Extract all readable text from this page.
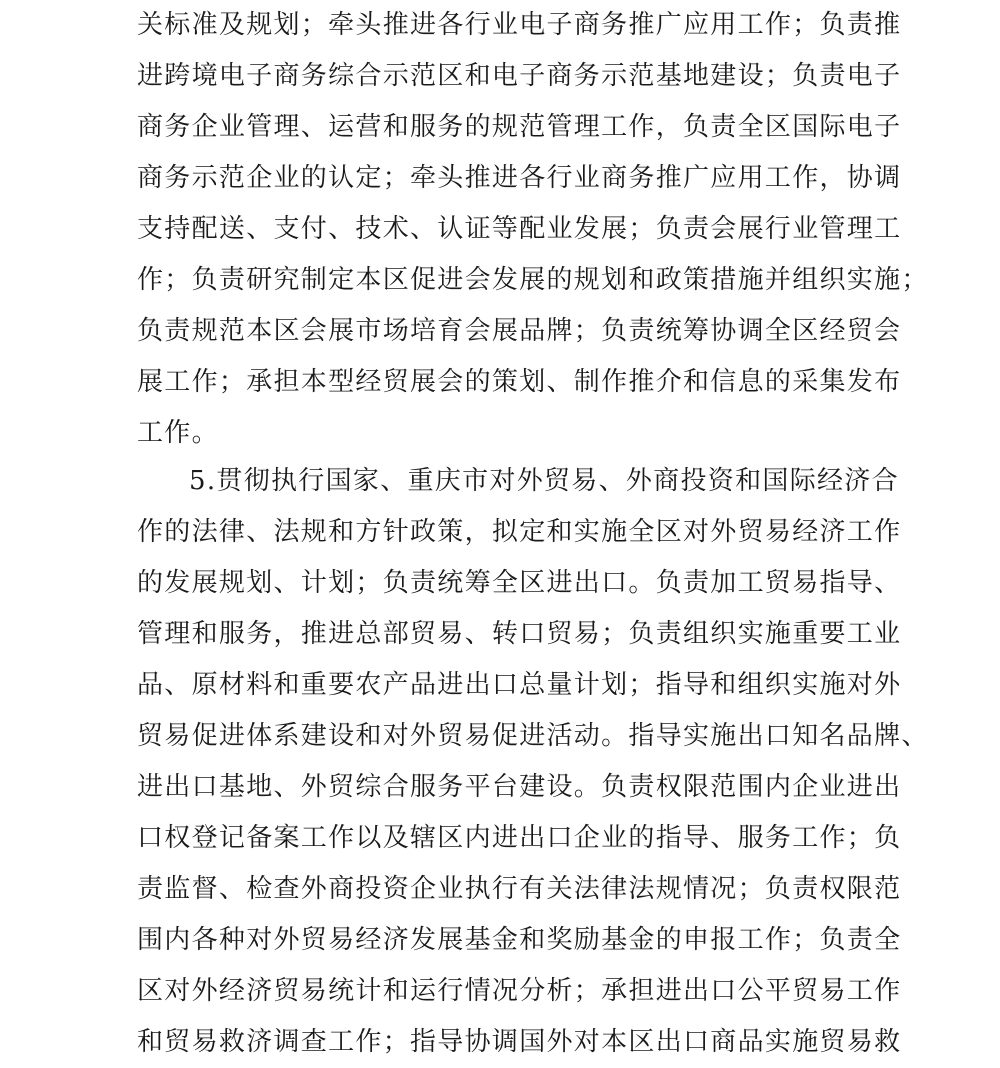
关标准及规划；牵头推进各行业电子商务推广应用工作；负责推
进跨境电子商务综合示范区和电子商务示范基地建设；负责电子
商务企业管理、运营和服务的规范管理工作，负责全区国际电子
商务示范企业的认定；牵头推进各行业商务推广应用工作，协调
支持配送、支付、技术、认证等配业发展；负责会展行业管理工
作；负责研究制定本区促进会发展的规划和政策措施并组织实施；
负责规范本区会展市场培育会展品牌；负责统筹协调全区经贸会
展工作；承担本型经贸展会的策划、制作推介和信息的采集发布
工作。
5.贯彻执行国家、重庆市对外贸易、外商投资和国际经济合
作的法律、法规和方针政策，拟定和实施全区对外贸易经济工作
的发展规划、计划；负责统筹全区进出口。负责加工贸易指导、
管理和服务，推进总部贸易、转口贸易；负责组织实施重要工业
品、原材料和重要农产品进出口总量计划；指导和组织实施对外
贸易促进体系建设和对外贸易促进活动。指导实施出口知名品牌、
进出口基地、外贸综合服务平台建设。负责权限范围内企业进出
口权登记备案工作以及辖区内进出口企业的指导、服务工作；负
责监督、检查外商投资企业执行有关法律法规情况；负责权限范
围内各种对外贸易经济发展基金和奖励基金的申报工作；负责全
区对外经济贸易统计和运行情况分析；承担进出口公平贸易工作
和贸易救济调查工作；指导协调国外对本区出口商品实施贸易救
